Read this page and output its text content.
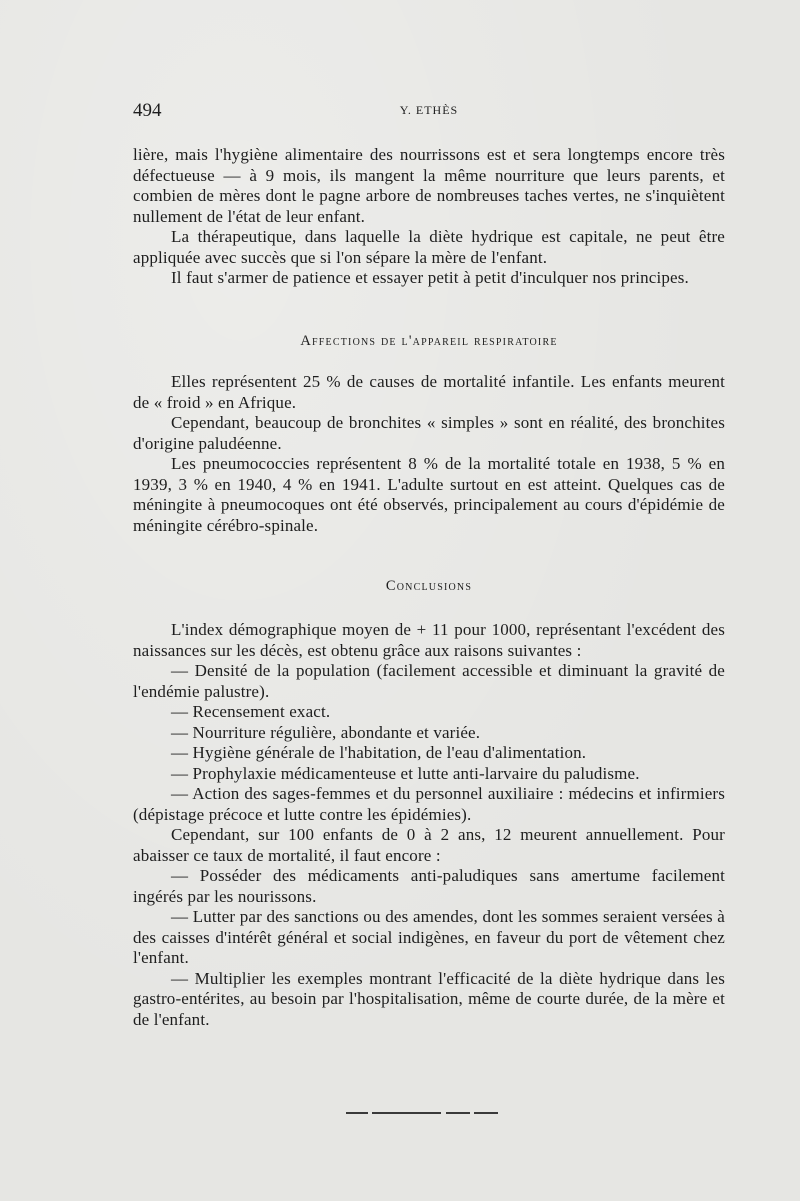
494	Y. ETHÈS

lière, mais l'hygiène alimentaire des nourrissons est et sera longtemps encore très défectueuse — à 9 mois, ils mangent la même nourriture que leurs parents, et combien de mères dont le pagne arbore de nombreuses taches vertes, ne s'inquiètent nullement de l'état de leur enfant.

La thérapeutique, dans laquelle la diète hydrique est capitale, ne peut être appliquée avec succès que si l'on sépare la mère de l'enfant.

Il faut s'armer de patience et essayer petit à petit d'inculquer nos principes.

Affections de l'appareil respiratoire

Elles représentent 25 % de causes de mortalité infantile. Les enfants meurent de « froid » en Afrique.

Cependant, beaucoup de bronchites « simples » sont en réalité, des bronchites d'origine paludéenne.

Les pneumococcies représentent 8 % de la mortalité totale en 1938, 5 % en 1939, 3 % en 1940, 4 % en 1941. L'adulte surtout en est atteint. Quelques cas de méningite à pneumocoques ont été observés, principalement au cours d'épidémie de méningite cérébro-spinale.

Conclusions

L'index démographique moyen de + 11 pour 1000, représentant l'excédent des naissances sur les décès, est obtenu grâce aux raisons suivantes :

— Densité de la population (facilement accessible et diminuant la gravité de l'endémie palustre).

— Recensement exact.

— Nourriture régulière, abondante et variée.

— Hygiène générale de l'habitation, de l'eau d'alimentation.

— Prophylaxie médicamenteuse et lutte anti-larvaire du paludisme.

— Action des sages-femmes et du personnel auxiliaire : médecins et infirmiers (dépistage précoce et lutte contre les épidémies).

Cependant, sur 100 enfants de 0 à 2 ans, 12 meurent annuellement. Pour abaisser ce taux de mortalité, il faut encore :

— Posséder des médicaments anti-paludiques sans amertume facilement ingérés par les nourissons.

— Lutter par des sanctions ou des amendes, dont les sommes seraient versées à des caisses d'intérêt général et social indigènes, en faveur du port de vêtement chez l'enfant.

— Multiplier les exemples montrant l'efficacité de la diète hydrique dans les gastro-entérites, au besoin par l'hospitalisation, même de courte durée, de la mère et de l'enfant.
